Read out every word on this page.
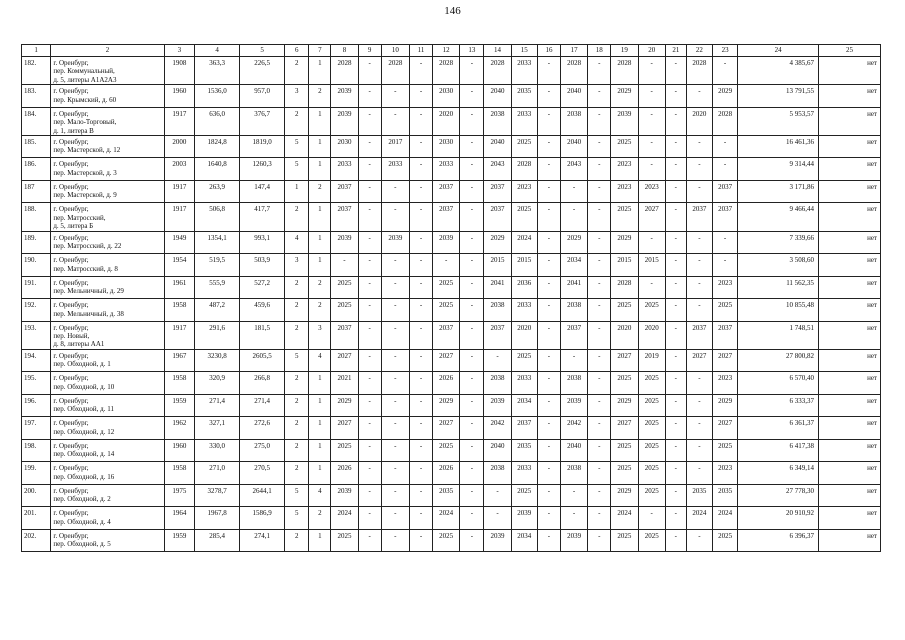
146
1	2	3	4	5	6	7	8	9	10	11	12	13	14	15	16	17	18	19	20	21	22	23	24	25
182.	г. Оренбург,
пер. Коммунальный,
д. 5, литеры А1А2А3	1908	363,3	226,5	2	1	2028	-	2028	-	2028	-	2028	2033	-	2028	-	2028	-	-	2028	-	4 385,67	нет
183.	г. Оренбург,
пер. Крымский, д. 60	1960	1536,0	957,0	3	2	2039	-	-	-	2030	-	2040	2035	-	2040	-	2029	-	-	-	2029	13 791,55	нет
184.	г. Оренбург,
пер. Мало-Торговый,
д. 1, литера В	1917	636,0	376,7	2	1	2039	-	-	-	2020	-	2038	2033	-	2038	-	2039	-	-	2020	2028	5 953,57	нет
185.	г. Оренбург,
пер. Мастерской, д. 12	2000	1824,8	1819,0	5	1	2030	-	2017	-	2030	-	2040	2025	-	2040	-	2025	-	-	-	-	16 461,36	нет
186.	г. Оренбург,
пер. Мастерской, д. 3	2003	1640,8	1260,3	5	1	2033	-	2033	-	2033	-	2043	2028	-	2043	-	2023	-	-	-	-	9 314,44	нет
187	г. Оренбург,
пер. Мастерской, д. 9	1917	263,9	147,4	1	2	2037	-	-	-	2037	-	2037	2023	-	-	-	2023	2023	-	-	2037	3 171,86	нет
188.	г. Оренбург,
пер. Матросский,
д. 5, литера Б	1917	506,8	417,7	2	1	2037	-	-	-	2037	-	2037	2025	-	-	-	2025	2027	-	2037	2037	9 466,44	нет
189.	г. Оренбург,
пер. Матросский, д. 22	1949	1354,1	993,1	4	1	2039	-	2039	-	2039	-	2029	2024	-	2029	-	2029	-	-	-	-	7 339,66	нет
190.	г. Оренбург,
пер. Матросский, д. 8	1954	519,5	503,9	3	1	-	-	-	-	-	-	2015	2015	-	2034	-	2015	2015	-	-	-	3 508,60	нет
191.	г. Оренбург,
пер. Мельничный, д. 29	1961	555,9	527,2	2	2	2025	-	-	-	2025	-	2041	2036	-	2041	-	2028	-	-	-	2023	11 562,35	нет
192.	г. Оренбург,
пер. Мельничный, д. 38	1958	487,2	459,6	2	2	2025	-	-	-	2025	-	2038	2033	-	2038	-	2025	2025	-	-	2025	10 855,48	нет
193.	г. Оренбург,
пер. Новый,
д. 8, литеры АА1	1917	291,6	181,5	2	3	2037	-	-	-	2037	-	2037	2020	-	2037	-	2020	2020	-	2037	2037	1 748,51	нет
194.	г. Оренбург,
пер. Обходной, д. 1	1967	3230,8	2605,5	5	4	2027	-	-	-	2027	-	-	2025	-	-	-	2027	2019	-	2027	2027	27 800,82	нет
195.	г. Оренбург,
пер. Обходной, д. 10	1958	320,9	266,8	2	1	2021	-	-	-	2026	-	2038	2033	-	2038	-	2025	2025	-	-	2023	6 570,40	нет
196.	г. Оренбург,
пер. Обходной, д. 11	1959	271,4	271,4	2	1	2029	-	-	-	2029	-	2039	2034	-	2039	-	2029	2025	-	-	2029	6 333,37	нет
197.	г. Оренбург,
пер. Обходной, д. 12	1962	327,1	272,6	2	1	2027	-	-	-	2027	-	2042	2037	-	2042	-	2027	2025	-	-	2027	6 361,37	нет
198.	г. Оренбург,
пер. Обходной, д. 14	1960	330,0	275,0	2	1	2025	-	-	-	2025	-	2040	2035	-	2040	-	2025	2025	-	-	2025	6 417,38	нет
199.	г. Оренбург,
пер. Обходной, д. 16	1958	271,0	270,5	2	1	2026	-	-	-	2026	-	2038	2033	-	2038	-	2025	2025	-	-	2023	6 349,14	нет
200.	г. Оренбург,
пер. Обходной, д. 2	1975	3278,7	2644,1	5	4	2039	-	-	-	2035	-	-	2025	-	-	-	2029	2025	-	2035	2035	27 778,30	нет
201.	г. Оренбург,
пер. Обходной, д. 4	1964	1967,8	1586,9	5	2	2024	-	-	-	2024	-	-	2039	-	-	-	2024	-	-	2024	2024	20 910,92	нет
202.	г. Оренбург,
пер. Обходной, д. 5	1959	285,4	274,1	2	1	2025	-	-	-	2025	-	2039	2034	-	2039	-	2025	2025	-	-	2025	6 396,37	нет
